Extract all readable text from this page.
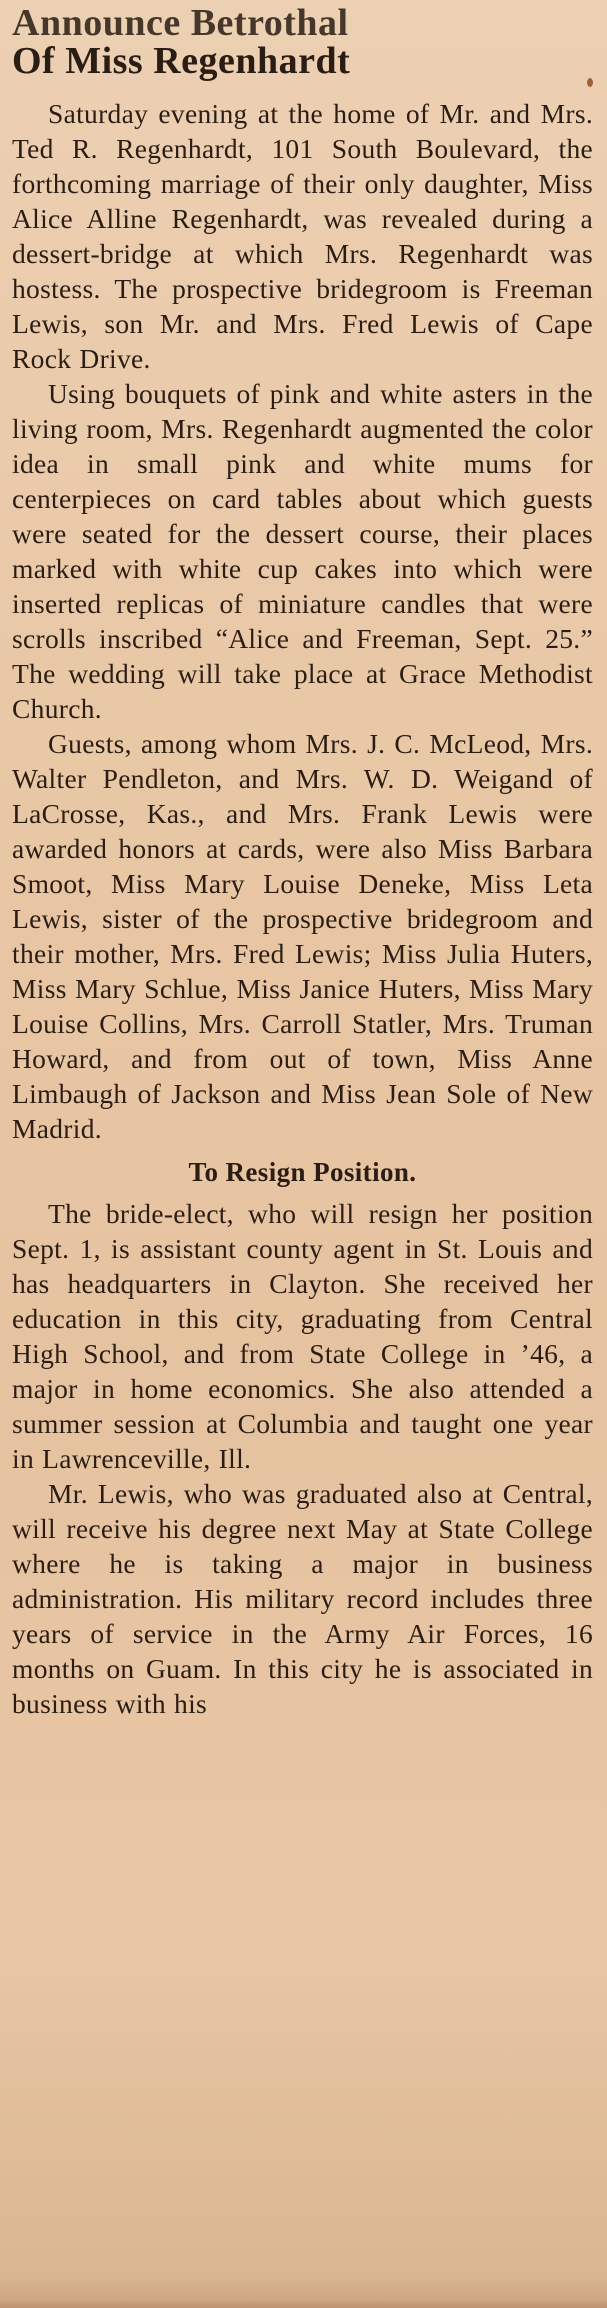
Announce Betrothal
Of Miss Regenhardt

Saturday evening at the home of Mr. and Mrs. Ted R. Regenhardt, 101 South Boulevard, the forthcoming marriage of their only daughter, Miss Alice Alline Regenhardt, was revealed during a dessert-bridge at which Mrs. Regenhardt was hostess. The prospective bridegroom is Freeman Lewis, son Mr. and Mrs. Fred Lewis of Cape Rock Drive.

Using bouquets of pink and white asters in the living room, Mrs. Regenhardt augmented the color idea in small pink and white mums for centerpieces on card tables about which guests were seated for the dessert course, their places marked with white cup cakes into which were inserted replicas of miniature candles that were scrolls inscribed “Alice and Freeman, Sept. 25.” The wedding will take place at Grace Methodist Church.

Guests, among whom Mrs. J. C. McLeod, Mrs. Walter Pendleton, and Mrs. W. D. Weigand of LaCrosse, Kas., and Mrs. Frank Lewis were awarded honors at cards, were also Miss Barbara Smoot, Miss Mary Louise Deneke, Miss Leta Lewis, sister of the prospective bridegroom and their mother, Mrs. Fred Lewis; Miss Julia Huters, Miss Mary Schlue, Miss Janice Huters, Miss Mary Louise Collins, Mrs. Carroll Statler, Mrs. Truman Howard, and from out of town, Miss Anne Limbaugh of Jackson and Miss Jean Sole of New Madrid.

To Resign Position.

The bride-elect, who will resign her position Sept. 1, is assistant county agent in St. Louis and has headquarters in Clayton. She received her education in this city, graduating from Central High School, and from State College in ’46, a major in home economics. She also attended a summer session at Columbia and taught one year in Lawrenceville, Ill.

Mr. Lewis, who was graduated also at Central, will receive his degree next May at State College where he is taking a major in business administration. His military record includes three years of service in the Army Air Forces, 16 months on Guam. In this city he is associated in business with his
